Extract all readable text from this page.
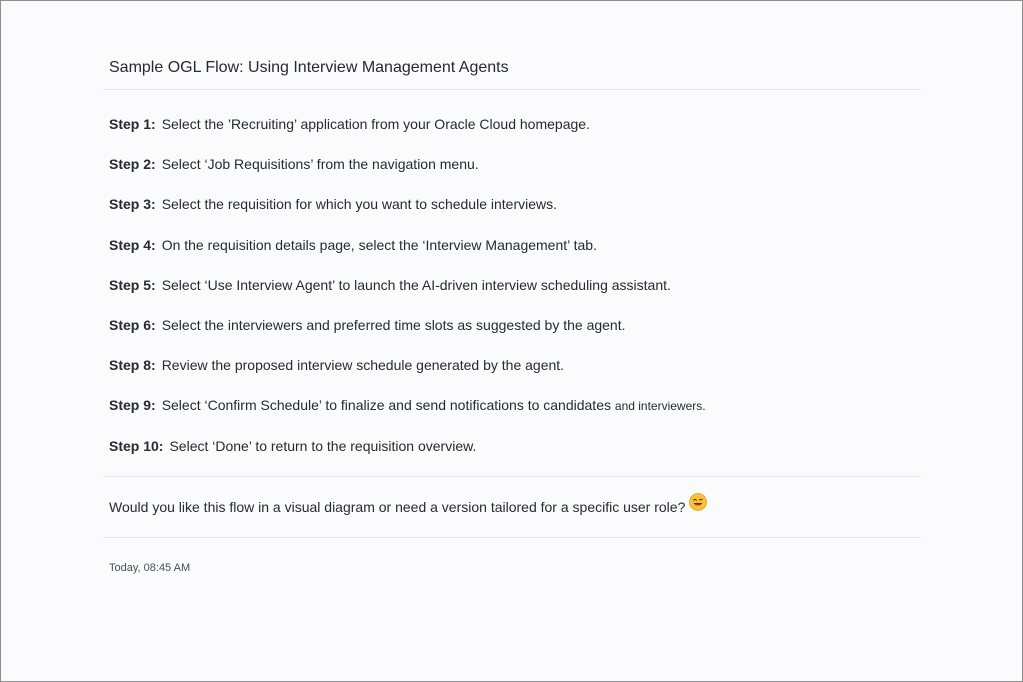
Sample OGL Flow: Using Interview Management Agents
Step 1: Select the ’Recruiting’ application from your Oracle Cloud homepage.
Step 2: Select ‘Job Requisitions’ from the navigation menu.
Step 3: Select the requisition for which you want to schedule interviews.
Step 4: On the requisition details page, select the ‘Interview Management’ tab.
Step 5: Select ‘Use Interview Agent’ to launch the AI-driven interview scheduling assistant.
Step 6: Select the interviewers and preferred time slots as suggested by the agent.
Step 8: Review the proposed interview schedule generated by the agent.
Step 9: Select ‘Confirm Schedule’ to finalize and send notifications to candidates and interviewers.
Step 10: Select ‘Done’ to return to the requisition overview.
Would you like this flow in a visual diagram or need a version tailored for a specific user role?
Today, 08:45 AM
